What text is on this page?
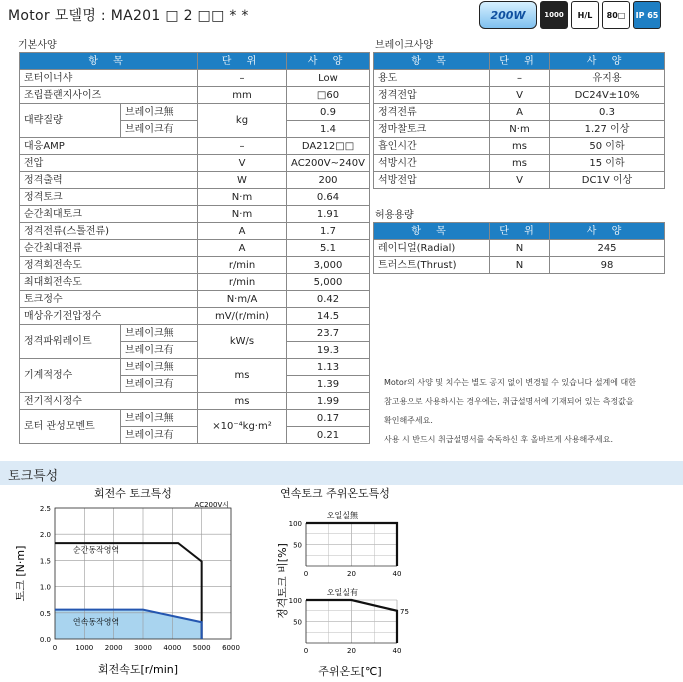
Motor 모델명 : MA201 □ 2 □□ * *	200W	1000 H/L 80□ IP 65
기본사양
항 목		단 위	사 양
로터이너샤		–	Low
조립플랜지사이즈		mm	□60
대략질량	브레이크無	kg	0.9
	브레이크有		1.4
대응AMP		–	DA212□□
전압		V	AC200V~240V
정격출력		W	200
정격토크		N·m	0.64
순간최대토크		N·m	1.91
정격전류(스톨전류)		A	1.7
순간최대전류		A	5.1
정격회전속도		r/min	3,000
최대회전속도		r/min	5,000
토크정수		N·m/A	0.42
매상유기전압정수		mV/(r/min)	14.5
정격파워레이트	브레이크無	kW/s	23.7
	브레이크有		19.3
기계적정수	브레이크無	ms	1.13
	브레이크有		1.39
전기적시정수		ms	1.99
로터 관성모멘트	브레이크無	×10⁻⁴kg·m²	0.17
	브레이크有		0.21
브레이크사양
항 목	단 위	사 양
용도	–	유지용
정격전압	V	DC24V±10%
정격전류	A	0.3
정마찰토크	N·m	1.27 이상
흡인시간	ms	50 이하
석방시간	ms	15 이하
석방전압	V	DC1V 이상
허용용량
항 목	단 위	사 양
레이디얼(Radial)	N	245
트러스트(Thrust)	N	98
Motor의 사양 및 치수는 별도 공지 없이 변경될 수 있습니다 설계에 대한
참고용으로 사용하시는 경우에는, 취급설명서에 기재되어 있는 측정값을
확인해주세요.
사용 시 반드시 취급설명서를 숙독하신 후 올바르게 사용해주세요.
토크특성
회전수 토크특성
AC200V시
0	1000 2000 3000 4000 5000 6000
0.0
0.5
1.0
1.5
2.0
2.5
순간동작영역
연속동작영역
회전속도[r/min]
토크 [N·m]
연속토크 주위온도특성
0	20	40
50
100
오일실無
0	20	40
50
100
오일실有
75
주위온도[℃]
정격토크 비[%]
